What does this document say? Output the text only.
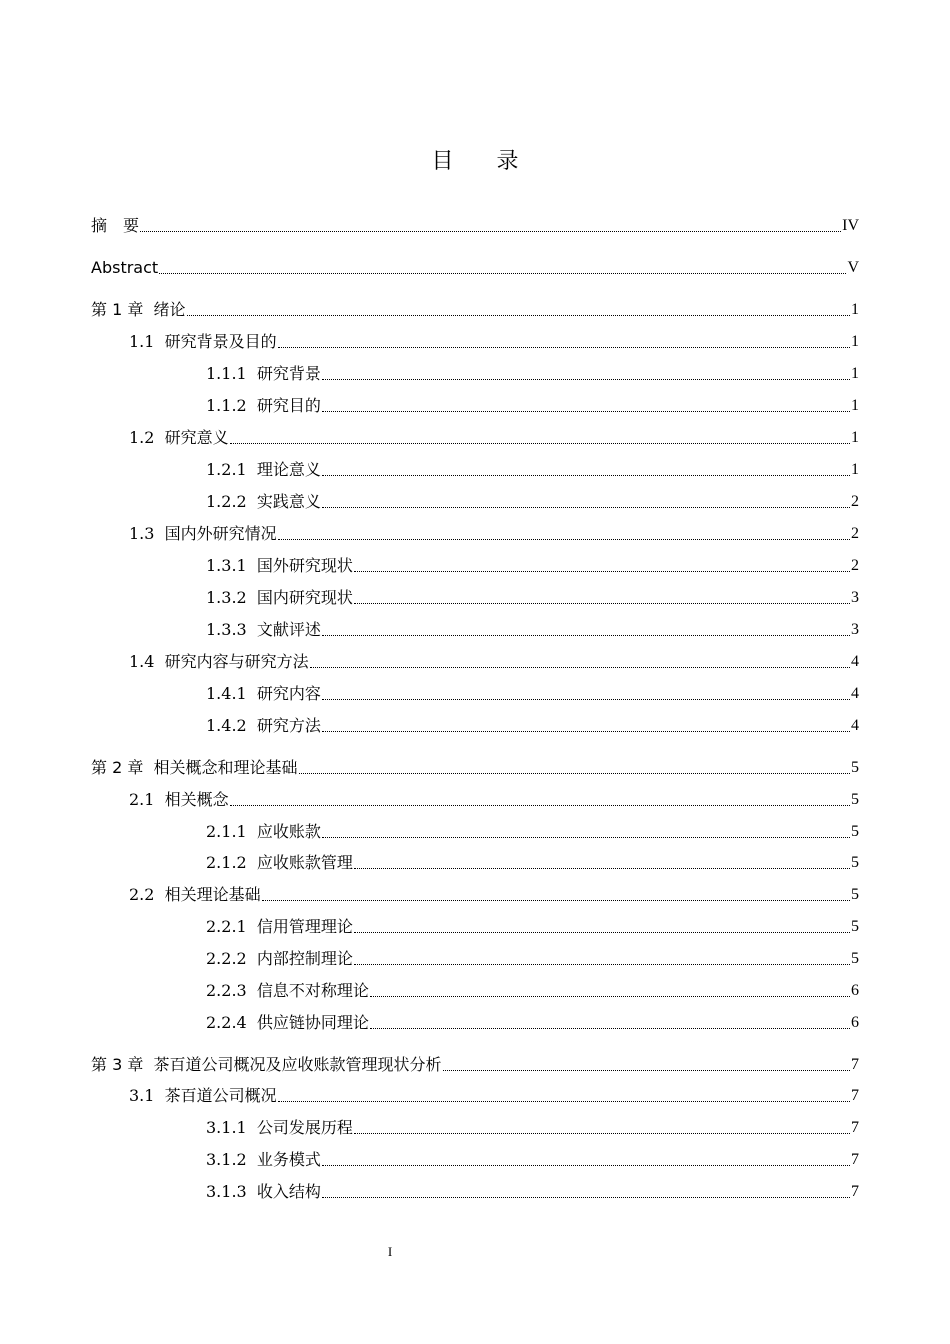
目 录
摘　要	IV
Abstract	V
第 1 章 绪论	1
1.1 研究背景及目的	1
1.1.1 研究背景	1
1.1.2 研究目的	1
1.2 研究意义	1
1.2.1 理论意义	1
1.2.2 实践意义	2
1.3 国内外研究情况	2
1.3.1 国外研究现状	2
1.3.2 国内研究现状	3
1.3.3 文献评述	3
1.4 研究内容与研究方法	4
1.4.1 研究内容	4
1.4.2 研究方法	4
第 2 章 相关概念和理论基础	5
2.1 相关概念	5
2.1.1 应收账款	5
2.1.2 应收账款管理	5
2.2 相关理论基础	5
2.2.1 信用管理理论	5
2.2.2 内部控制理论	5
2.2.3 信息不对称理论	6
2.2.4 供应链协同理论	6
第 3 章 茶百道公司概况及应收账款管理现状分析	7
3.1 茶百道公司概况	7
3.1.1 公司发展历程	7
3.1.2 业务模式	7
3.1.3 收入结构	7
I
